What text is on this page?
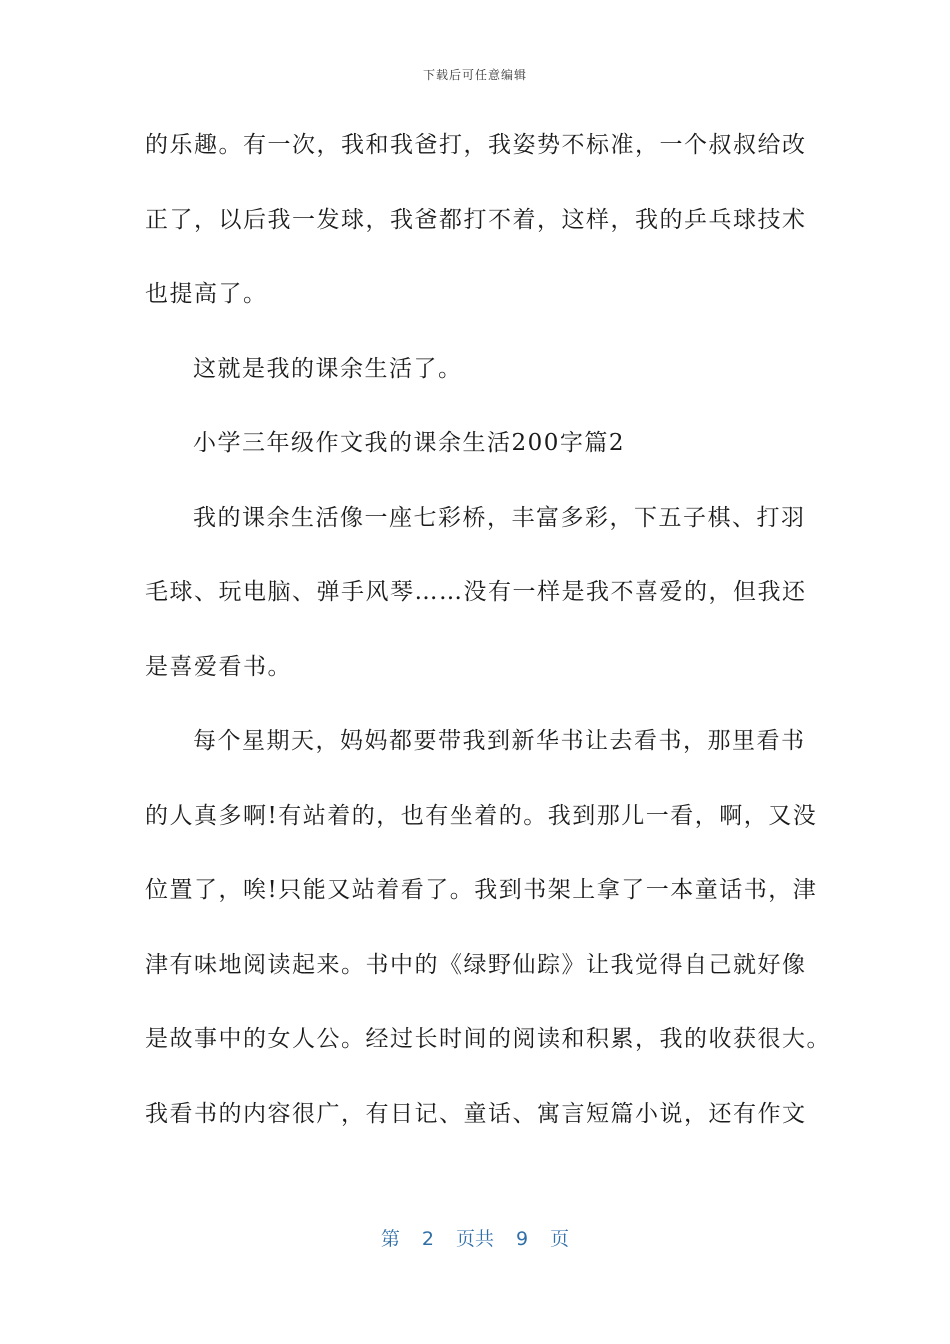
下载后可任意编辑
的乐趣。有一次，我和我爸打，我姿势不标准，一个叔叔给改
正了，以后我一发球，我爸都打不着，这样，我的乒乓球技术
也提高了。
这就是我的课余生活了。
小学三年级作文我的课余生活200字篇2
我的课余生活像一座七彩桥，丰富多彩，下五子棋、打羽
毛球、玩电脑、弹手风琴……没有一样是我不喜爱的，但我还
是喜爱看书。
每个星期天，妈妈都要带我到新华书让去看书，那里看书
的人真多啊!有站着的，也有坐着的。我到那儿一看，啊，又没
位置了，唉!只能又站着看了。我到书架上拿了一本童话书，津
津有味地阅读起来。书中的《绿野仙踪》让我觉得自己就好像
是故事中的女人公。经过长时间的阅读和积累，我的收获很大。
我看书的内容很广，有日记、童话、寓言短篇小说，还有作文
第 2 页共 9 页
